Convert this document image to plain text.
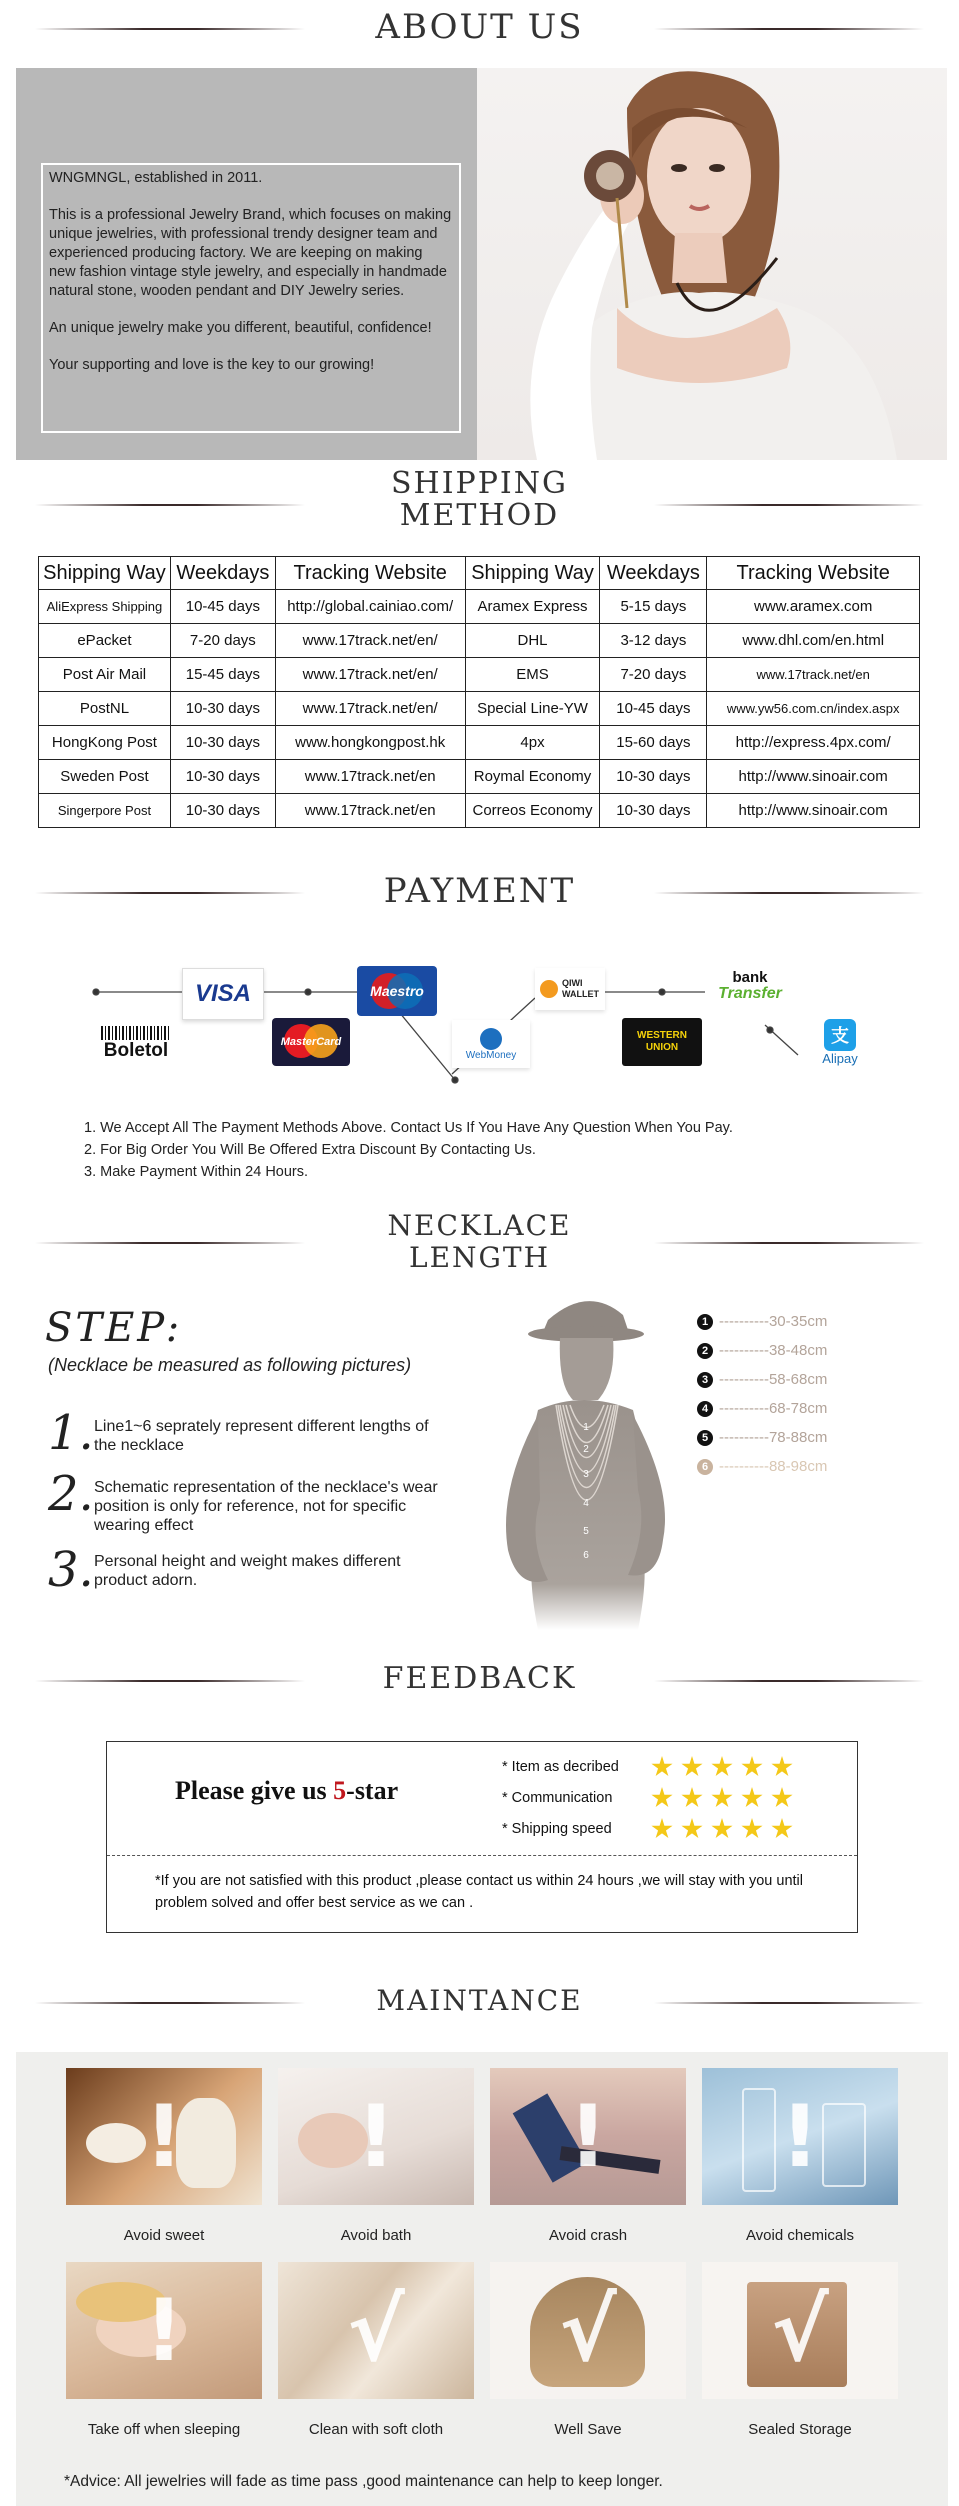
ABOUT US

WNGMNGL, established in 2011.

This is a professional Jewelry Brand, which focuses on making unique jewelries, with professional trendy designer team and experienced producing factory. We are keeping on making new fashion vintage style jewelry, and especially in handmade natural stone, wooden pendant and DIY Jewelry series.

An unique jewelry make you different, beautiful, confidence!

Your supporting and love is the key to our growing!

SHIPPING
METHOD
Shipping Way	Weekdays	Tracking Website	Shipping Way	Weekdays	Tracking Website
AliExpress Shipping	10-45 days	http://global.cainiao.com/	Aramex Express	5-15 days	www.aramex.com
ePacket	7-20 days	www.17track.net/en/	DHL	3-12 days	www.dhl.com/en.html
Post Air Mail	15-45 days	www.17track.net/en/	EMS	7-20 days	www.17track.net/en
PostNL	10-30 days	www.17track.net/en/	Special Line-YW	10-45 days	www.yw56.com.cn/index.aspx
HongKong Post	10-30 days	www.hongkongpost.hk	4px	15-60 days	http://express.4px.com/
Sweden Post	10-30 days	www.17track.net/en	Roymal Economy	10-30 days	http://www.sinoair.com
Singerpore Post	10-30 days	www.17track.net/en	Correos Economy	10-30 days	http://www.sinoair.com
PAYMENT
VISA	Maestro
MasterCard
Boletol	WebMoney
QIWI WALLET
bank
Transfer
WESTERN UNION
支
Alipay
1. We Accept All The Payment Methods Above. Contact Us If You Have Any Question When You Pay.
2. For Big Order You Will Be Offered Extra Discount By Contacting Us.
3. Make Payment Within 24 Hours.
NECKLACE
LENGTH
STEP:
(Necklace be measured as following pictures)
1. Line1~6 seprately represent different lengths of the necklace
2. Schematic representation of the necklace's wear position is only for reference, not for specific wearing effect
3. Personal height and weight makes different product adorn.
1
2
3
4
5
6
1 ----------30-35cm
2 ----------38-48cm
3 ----------58-68cm
4 ----------68-78cm
5 ----------78-88cm
6 ----------88-98cm
FEEDBACK
Please give us 5-star
* Item as decribed
* Communication
* Shipping speed
*If you are not satisfied with this product ,please contact us within 24 hours ,we will stay with you until problem solved and offer best service as we can .
MAINTANCE
!
Avoid sweet
!
Avoid bath
!
Avoid crash
!
Avoid chemicals
!
Take off when sleeping
√
Clean with soft cloth
√
Well Save
√
Sealed Storage
*Advice: All jewelries will fade as time pass ,good maintenance can help to keep longer.
